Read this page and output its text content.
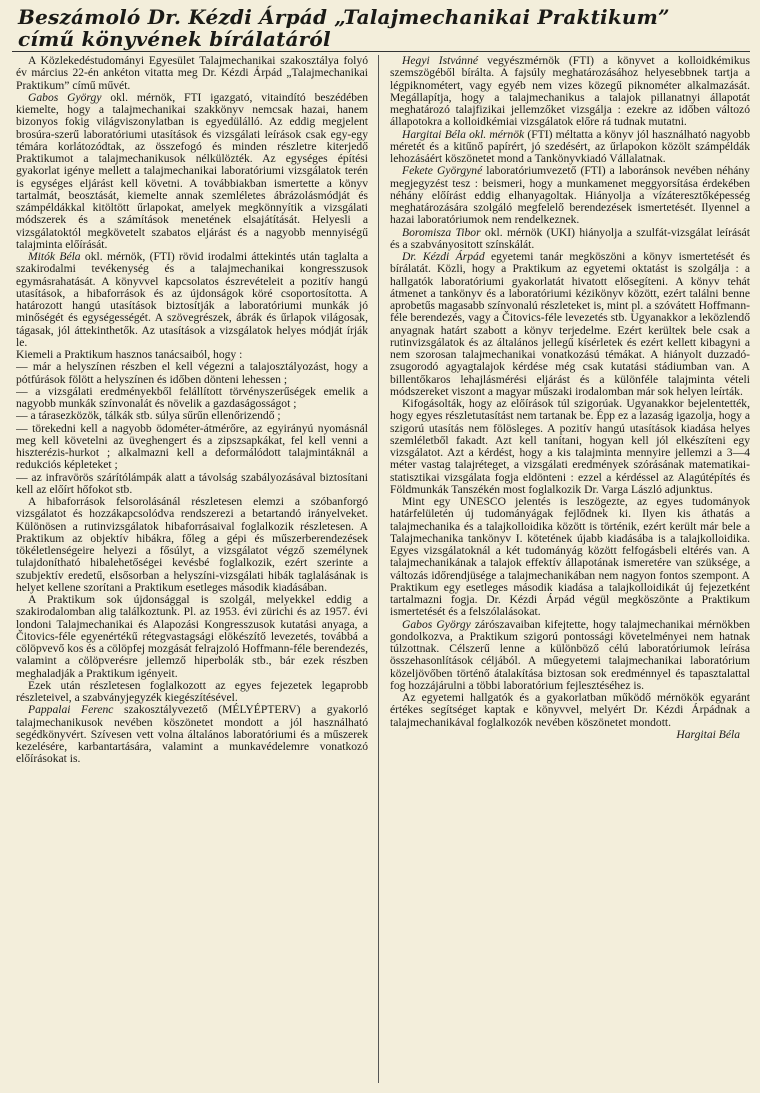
Beszámoló Dr. Kézdi Árpád „Talajmechanikai Praktikum”
című könyvének bírálatáról

A Közlekedéstudományi Egyesület Talajmechanikai szakosztálya folyó év március 22-én ankéton vitatta meg Dr. Kézdi Árpád „Talajmechanikai Praktikum” című művét.

Gabos György okl. mérnök, FTI igazgató, vitaindító beszédében kiemelte, hogy a talajmechanikai szakkönyv nemcsak hazai, hanem bizonyos fokig világviszonylatban is egyedülálló. Az eddig megjelent brosúra-szerű laboratóriumi utasítások és vizsgálati leírások csak egy-egy témára korlátozódtak, az összefogó és minden részletre kiterjedő Praktikumot a talajmechanikusok nélkülözték. Az egységes építési gyakorlat igénye mellett a talajmechanikai laboratóriumi vizsgálatok terén is egységes eljárást kell követni. A továbbiakban ismertette a könyv tartalmát, beosztását, kiemelte annak szemléletes ábrázolásmódját és számpéldákkal kitöltött űrlapokat, amelyek megkönnyítik a vizsgálati módszerek és a számítások menetének elsajátítását. Helyesli a vizsgálatoktól megkövetelt szabatos eljárást és a nagyobb mennyiségű talajminta előírását.

Mitók Béla okl. mérnök, (FTI) rövid irodalmi áttekintés után taglalta a szakirodalmi tevékenység és a talajmechanikai kongresszusok egymásrahatását. A könyvvel kapcsolatos észrevételeit a pozitív hangú utasítások, a hibaforrások és az újdonságok köré csoportosította. A határozott hangú utasítások biztosítják a laboratóriumi munkák jó minőségét és egységességét. A szövegrészek, ábrák és űrlapok világosak, tágasak, jól áttekinthetők. Az utasítások a vizsgálatok helyes módját írják le.

Kiemeli a Praktikum hasznos tanácsaiból, hogy :

— már a helyszínen részben el kell végezni a talajosztályozást, hogy a pótfúrások fölött a helyszínen és időben dönteni lehessen ;

— a vizsgálati eredményekből felállított törvényszerűségek emelik a nagyobb munkák színvonalát és növelik a gazdaságosságot ;

— a tárasezközök, tálkák stb. súlya sűrűn ellenőrizendő ;

— törekedni kell a nagyobb ödométer-átmérőre, az egyirányú nyomásnál meg kell követelni az üveghengert és a zipszsapkákat, fel kell venni a hiszterézis-hurkot ; alkalmazni kell a deformálódott talajmintáknál a redukciós képleteket ;

— az infravörös szárítólámpák alatt a távolság szabályozásával biztosítani kell az előírt hőfokot stb.

A hibaforrások felsorolásánál részletesen elemzi a szóbanforgó vizsgálatot és hozzákapcsolódva rendszerezi a betartandó irányelveket. Különösen a rutinvizsgálatok hibaforrásaival foglalkozik részletesen. A Praktikum az objektív hibákra, főleg a gépi és műszerberendezések tökéletlenségeire helyezi a fősúlyt, a vizsgálatot végző személynek tulajdonítható hibalehetőségei kevésbé foglalkozik, ezért szerinte a szubjektív eredetű, elsősorban a helyszíni-vizsgálati hibák taglalásának is helyet kellene szorítani a Praktikum esetleges második kiadásában.

A Praktikum sok újdonsággal is szolgál, melyekkel eddig a szakirodalomban alig találkoztunk. Pl. az 1953. évi zürichi és az 1957. évi londoni Talajmechanikai és Alapozási Kongresszusok kutatási anyaga, a Čitovics-féle egyenértékű rétegvastagsági elökészítő levezetés, továbbá a cölöpvevő kos és a cölöpfej mozgását felrajzoló Hoffmann-féle berendezés, valamint a cölöpverésre jellemző hiperbolák stb., bár ezek részben meghaladják a Praktikum igényeit.

Ezek után részletesen foglalkozott az egyes fejezetek legaprobb részleteivel, a szabványjegyzék kiegészítésével.

Pappalai Ferenc szakosztályvezető (MÉLYÉPTERV) a gyakorló talajmechanikusok nevében köszönetet mondott a jól használható segédkönyvért. Szívesen vett volna általános laboratóriumi és a műszerek kezelésére, karbantartására, valamint a munkavédelemre vonatkozó előírásokat is.

Hegyi Istvánné vegyészmérnök (FTI) a könyvet a kolloidkémikus szemszögéből bírálta. A fajsúly meghatározásához helyesebbnek tartja a légpiknométert, vagy egyéb nem vizes közegű piknométer alkalmazását. Megállapítja, hogy a talajmechanikus a talajok pillanatnyi állapotát meghatározó talajfizikai jellemzőket vizsgálja : ezekre az időben változó állapotokra a kolloidkémiai vizsgálatok előre rá tudnak mutatni.

Hargitai Béla okl. mérnök (FTI) méltatta a könyv jól használható nagyobb méretét és a kitűnő papírért, jó szedésért, az űrlapokon közölt számpéldák lehozásáért köszönetet mond a Tankönyvkiadó Vállalatnak.

Fekete Györgyné laboratóriumvezető (FTI) a laboránsok nevében néhány megjegyzést tesz : beismeri, hogy a munkamenet meggyorsítása érdekében néhány előírást eddig elhanyagoltak. Hiányolja a vízáteresztőképesség meghatározására szolgáló megfelelő berendezések ismertetését. Ilyennel a hazai laboratóriumok nem rendelkeznek.

Boromisza Tibor okl. mérnök (UKI) hiányolja a szulfát-vizsgálat leírását és a szabványositott színskálát.

Dr. Kézdi Árpád egyetemi tanár megköszöni a könyv ismertetését és bírálatát. Közli, hogy a Praktikum az egyetemi oktatást is szolgálja : a hallgatók laboratóriumi gyakorlatát hivatott elősegíteni. A könyv tehát átmenet a tankönyv és a laboratóriumi kézikönyv között, ezért találni benne aprobetűs magasabb színvonalú részleteket is, mint pl. a szóvátett Hoffmann-féle berendezés, vagy a Čitovics-féle levezetés stb. Ugyanakkor a leközlendő anyagnak határt szabott a könyv terjedelme. Ezért kerültek bele csak a rutinvizsgálatok és az általános jellegű kísérletek és ezért kellett kibagyni a nem szorosan talajmechanikai vonatkozású témákat. A hiányolt duzzadó-zsugorodó agyagtalajok kérdése még csak kutatási stádiumban van. A billentőkaros lehajlásmérési eljárást és a különféle talajminta vételi módszereket viszont a magyar műszaki irodalomban már sok helyen leírták.

Kifogásolták, hogy az előírások túl szigorúak. Ugyanakkor bejelentették, hogy egyes részletutasítást nem tartanak be. Épp ez a lazaság igazolja, hogy a szigorú utasítás nem fölösleges. A pozitív hangú utasítások kiadása helyes szemléletből fakadt. Azt kell tanítani, hogyan kell jól elkészíteni egy vizsgálatot. Azt a kérdést, hogy a kis talajminta mennyire jellemzi a 3—4 méter vastag talajréteget, a vizsgálati eredmények szórásának matematikai-statisztikai vizsgálata fogja eldönteni : ezzel a kérdéssel az Alagútépítés és Földmunkák Tanszékén most foglalkozik Dr. Varga László adjunktus.

Mint egy UNESCO jelentés is leszögezte, az egyes tudományok határfelületén új tudományágak fejlődnek ki. Ilyen kis áthatás a talajmechanika és a talajkolloidika között is történik, ezért került már bele a Talajmechanika tankönyv I. kötetének újabb kiadásába is a talajkolloidika. Egyes vizsgálatoknál a két tudományág között felfogásbeli eltérés van. A talajmechanikának a talajok effektív állapotának ismeretére van szüksége, a változás időrendjüsége a talajmechanikában nem nagyon fontos szempont. A Praktikum egy esetleges második kiadása a talajkolloidikát új fejezetként tartalmazni fogja. Dr. Kézdi Árpád végül megköszönte a Praktikum ismertetését és a felszólalásokat.

Gabos György zárószavaiban kifejtette, hogy talajmechanikai mérnökben gondolkozva, a Praktikum szigorú pontossági követelményei nem hatnak túlzottnak. Célszerű lenne a különböző célú laboratóriumok leírása összehasonlítások céljából. A műegyetemi talajmechanikai laboratórium közeljövőben történő átalakítása biztosan sok eredménnyel és tapasztalattal fog hozzájárulni a többi laboratórium fejlesztéséhez is.

Az egyetemi hallgatók és a gyakorlatban működő mérnökök egyaránt értékes segítséget kaptak e könyvvel, melyért Dr. Kézdi Árpádnak a talajmechanikával foglalkozók nevében köszönetet mondott.

Hargitai Béla
